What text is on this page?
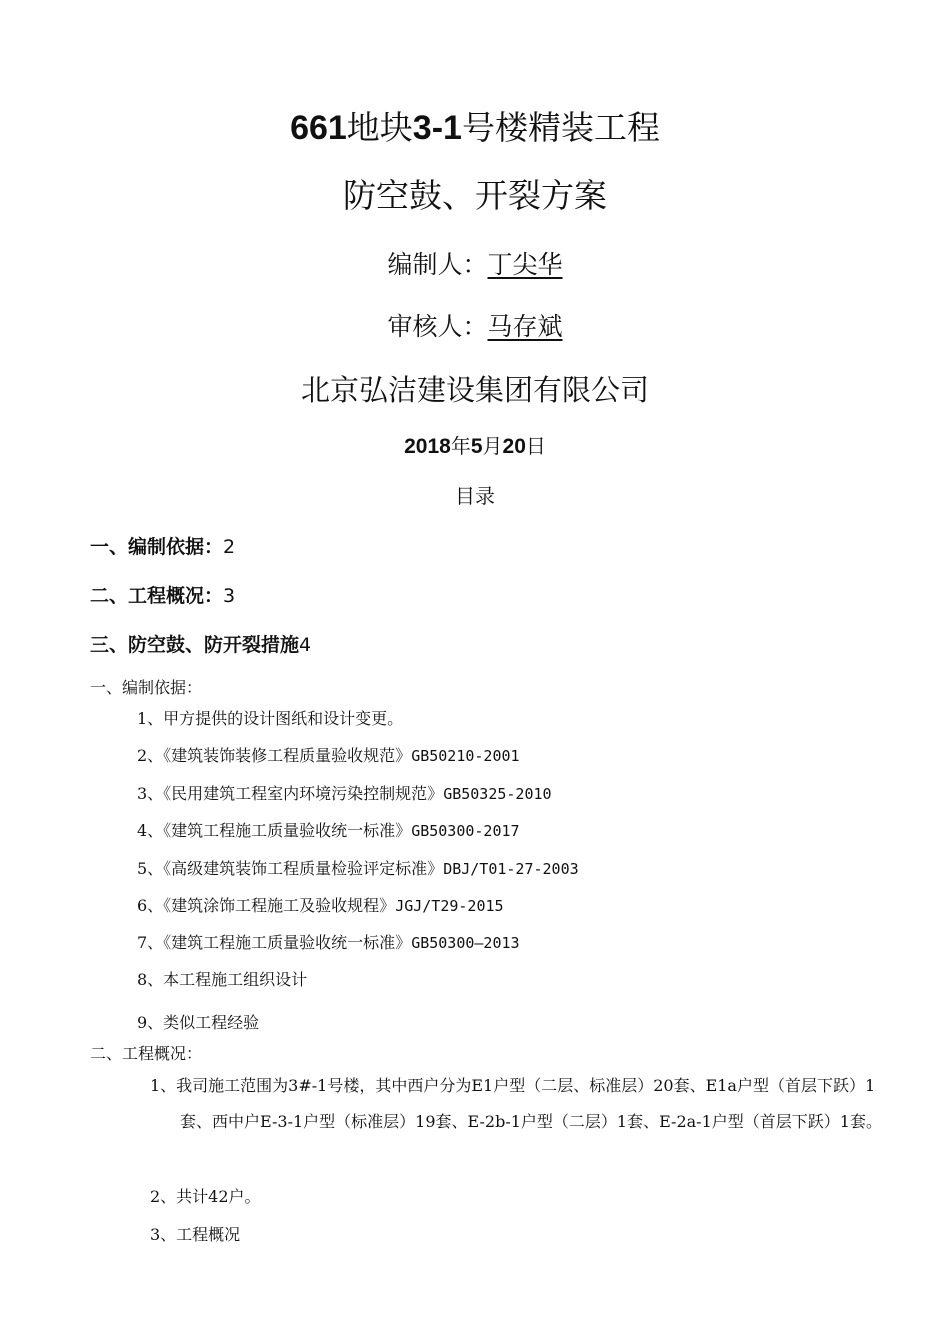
661地块3-1号楼精装工程
防空鼓、开裂方案
编制人：丁尖华
审核人：马存斌
北京弘洁建设集团有限公司
2018年5月20日
目录
一、编制依据：2
二、工程概况：3
三、防空鼓、防开裂措施4
一、编制依据：
1、甲方提供的设计图纸和设计变更。
2、《建筑装饰装修工程质量验收规范》GB50210-2001
3、《民用建筑工程室内环境污染控制规范》GB50325-2010
4、《建筑工程施工质量验收统一标准》GB50300-2017
5、《高级建筑装饰工程质量检验评定标准》DBJ/T01-27-2003
6、《建筑涂饰工程施工及验收规程》JGJ/T29-2015
7、《建筑工程施工质量验收统一标准》GB50300—2013
8、本工程施工组织设计
9、类似工程经验
二、工程概况：
1、我司施工范围为3#-1号楼，其中西户分为E1户型（二层、标准层）20套、E1a户型（首层下跃）1套、西中户E-3-1户型（标准层）19套、E-2b-1户型（二层）1套、E-2a-1户型（首层下跃）1套。
2、共计42户。
3、工程概况
